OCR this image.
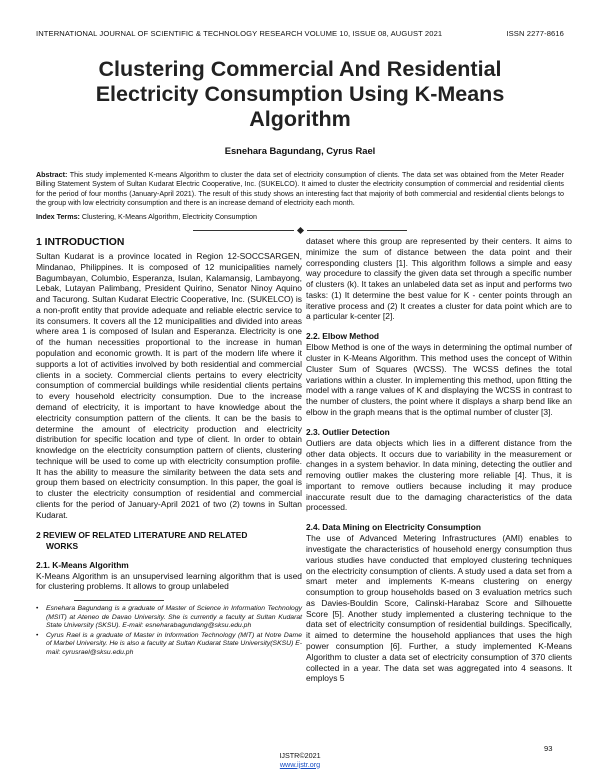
INTERNATIONAL JOURNAL OF SCIENTIFIC & TECHNOLOGY RESEARCH VOLUME 10, ISSUE 08, AUGUST 2021	ISSN 2277-8616
Clustering Commercial And Residential Electricity Consumption Using K-Means Algorithm
Esnehara Bagundang, Cyrus Rael
Abstract: This study implemented K-means Algorithm to cluster the data set of electricity consumption of clients. The data set was obtained from the Meter Reader Billing Statement System of Sultan Kudarat Electric Cooperative, Inc. (SUKELCO). It aimed to cluster the electricity consumption of commercial and residential clients for the period of four months (January-April 2021). The result of this study shows an interesting fact that majority of both commercial and residential clients belongs to the group with low electricity consumption and there is an increase demand of electricity each month.
Index Terms: Clustering, K-Means Algorithm, Electricity Consumption
1 INTRODUCTION

Sultan Kudarat is a province located in Region 12-SOCCSARGEN, Mindanao, Philippines. It is composed of 12 municipalities namely Bagumbayan, Columbio, Esperanza, Isulan, Kalamansig, Lambayong, Lebak, Lutayan Palimbang, President Quirino, Senator Ninoy Aquino and Tacurong. Sultan Kudarat Electric Cooperative, Inc. (SUKELCO) is a non-profit entity that provide adequate and reliable electric service to its consumers. It covers all the 12 municipalities and divided into areas where area 1 is composed of Isulan and Esperanza. Electricity is one of the human necessities proportional to the increase in human population and economic growth. It is part of the modern life where it supports a lot of activities involved by both residential and commercial clients in a society. Commercial clients pertains to every electricity consumption of commercial buildings while residential clients pertains to every household electricity consumption. Due to the increase demand of electricity, it is important to have knowledge about the electricity consumption pattern of the clients. It can be the basis to determine the amount of electricity production and electricity distribution for specific location and type of client. In order to obtain knowledge on the electricity consumption pattern of clients, clustering technique will be used to come up with electricity consumption profile. It has the ability to measure the similarity between the data sets and group them based on electricity consumption. In this paper, the goal is to cluster the electricity consumption of residential and commercial clients for the period of January-April 2021 of two (2) towns in Sultan Kudarat.

2 REVIEW OF RELATED LITERATURE AND RELATED
WORKS
2.1. K-Means Algorithm

K-Means Algorithm is an unsupervised learning algorithm that is used for clustering problems. It allows to group unlabeled

• Esnehara Bagundang is a graduate of Master of Science in Information Technology (MSIT) at Ateneo de Davao University. She is currently a faculty at Sultan Kudarat State University (SKSU). E-mail: esneharabagundang@sksu.edu.ph
• Cyrus Rael is a graduate of Master in Information Technology (MIT) at Notre Dame of Marbel University. He is also a faculty at Sultan Kudarat State University(SKSU) E-mail: cyrusrael@sksu.edu.ph

dataset where this group are represented by their centers. It aims to minimize the sum of distance between the data point and their corresponding clusters [1]. This algorithm follows a simple and easy way procedure to classify the given data set through a specific number of clusters (k). It takes an unlabeled data set as input and performs two tasks: (1) It determine the best value for K - center points through an iterative process and (2) It creates a cluster for data point which are to a particular k-center [2].

2.2. Elbow Method

Elbow Method is one of the ways in determining the optimal number of cluster in K-Means Algorithm. This method uses the concept of Within Cluster Sum of Squares (WCSS). The WCSS defines the total variations within a cluster. In implementing this method, upon fitting the model with a range values of K and displaying the WCSS in contrast to the number of clusters, the point where it displays a sharp bend like an elbow in the graph means that is the optimal number of cluster [3].

2.3. Outlier Detection

Outliers are data objects which lies in a different distance from the other data objects. It occurs due to variability in the measurement or changes in a system behavior. In data mining, detecting the outlier and removing outlier makes the clustering more reliable [4]. Thus, it is important to remove outliers because including it may produce inaccurate result due to the damaging characteristics of the data processed.

2.4. Data Mining on Electricity Consumption

The use of Advanced Metering Infrastructures (AMI) enables to investigate the characteristics of household energy consumption thus various studies have conducted that employed clustering techniques on the electricity consumption of clients. A study used a data set from a smart meter and implements K-means clustering on energy consumption to group households based on 3 evaluation metrics such as Davies-Bouldin Score, Calinski-Harabaz Score and Silhouette Score [5]. Another study implemented a clustering technique to the data set of electricity consumption of residential buildings. Specifically, it aimed to determine the household appliances that uses the high power consumption [6]. Further, a study implemented K-Means Algorithm to cluster a data set of electricity consumption of 370 clients collected in a year. The data set was aggregated into 4 seasons. It employs 5

93
IJSTR©2021
www.ijstr.org
